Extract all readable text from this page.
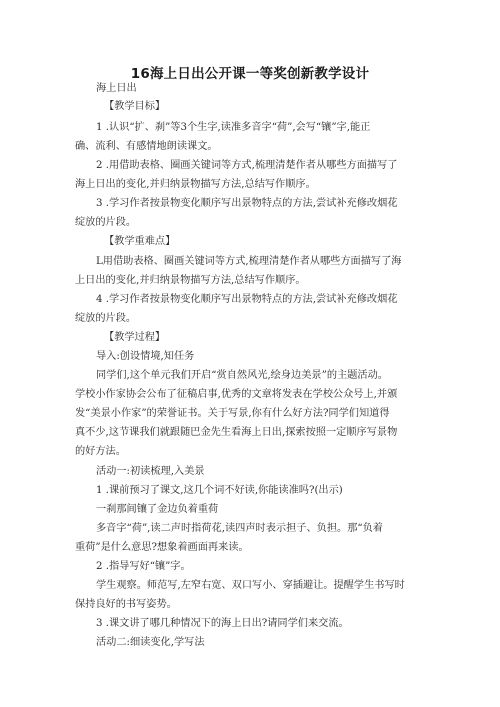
16海上日出公开课一等奖创新教学设计
海上日出
【教学目标】
1 .认识“扩、刹”等3个生字,读准多音字“荷”,会写“镶”字,能正
确、流利、有感情地朗读课文。
2 .用借助表格、圈画关键词等方式,梳理清楚作者从哪些方面描写了
海上日出的变化,并归纳景物描写方法,总结写作顺序。
3 .学习作者按景物变化顺序写出景物特点的方法,尝试补充修改烟花
绽放的片段。
【教学重难点】
L用借助表格、圈画关键词等方式,梳理清楚作者从哪些方面描写了海
上日出的变化,并归纳景物描写方法,总结写作顺序。
4 .学习作者按景物变化顺序写出景物特点的方法,尝试补充修改烟花
绽放的片段。
【教学过程】
导入:创设情境,知任务
同学们,这个单元我们开启“赏自然风光,绘身边美景”的主题活动。
学校小作家协会公布了征稿启事,优秀的文章将发表在学校公众号上,并颁
发“美景小作家”的荣誉证书。关于写景,你有什么好方法?同学们知道得
真不少,这节课我们就跟随巴金先生看海上日出,探索按照一定顺序写景物
的好方法。
活动一:初读梳理,入美景
1 .课前预习了课文,这几个词不好读,你能读准吗?(出示)
一刹那间镶了金边负着重荷
多音字“荷”,读二声时指荷花,读四声时表示担子、负担。那“负着
重荷”是什么意思?想象着画面再来读。
2 .指导写好“镶”字。
学生观察。师范写,左窄右宽、双口写小、穿插避让。提醒学生书写时
保持良好的书写姿势。
3 .课文讲了哪几种情况下的海上日出?请同学们来交流。
活动二:细读变化,学写法
